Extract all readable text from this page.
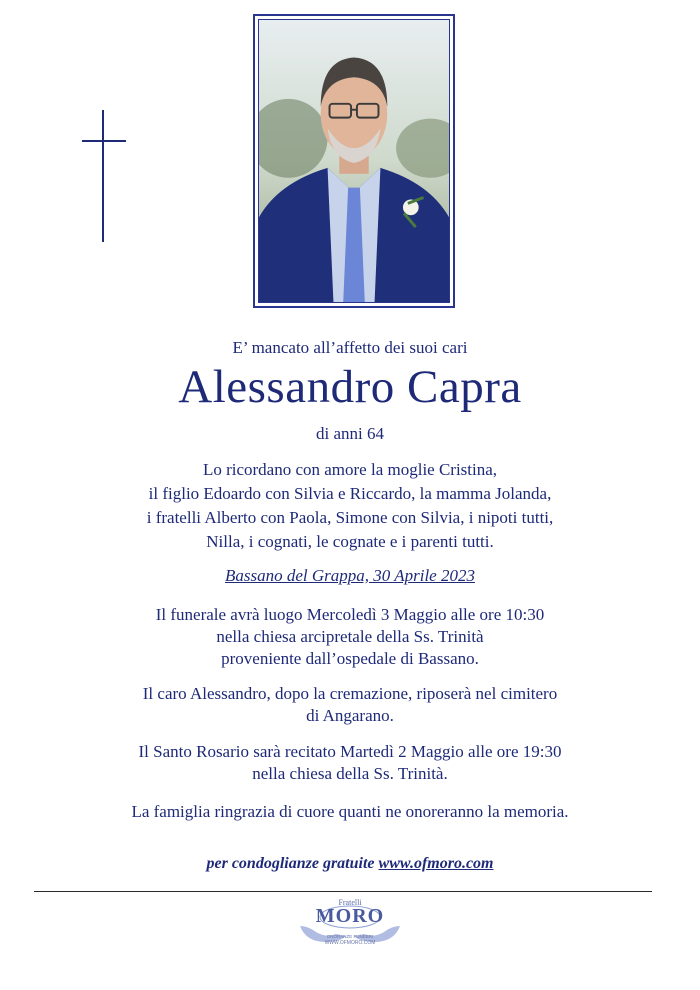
E’ mancato all’affetto dei suoi cari
Alessandro Capra
di anni 64
Lo ricordano con amore la moglie Cristina,
il figlio Edoardo con Silvia e Riccardo, la mamma Jolanda,
i fratelli Alberto con Paola, Simone con Silvia, i nipoti tutti,
Nilla, i cognati, le cognate e i parenti tutti.
Bassano del Grappa, 30 Aprile 2023
Il funerale avrà luogo Mercoledì 3 Maggio alle ore 10:30
nella chiesa arcipretale della Ss. Trinità
proveniente dall’ospedale di Bassano.
Il caro Alessandro, dopo la cremazione, riposerà nel cimitero
di Angarano.
Il Santo Rosario sarà recitato Martedì 2 Maggio alle ore 19:30
nella chiesa della Ss. Trinità.
La famiglia ringrazia di cuore quanti ne onoreranno la memoria.
per condoglianze gratuite www.ofmoro.com
Fratelli
MORO
ONORANZE FUNEBRI
WWW.OFMORO.COM
